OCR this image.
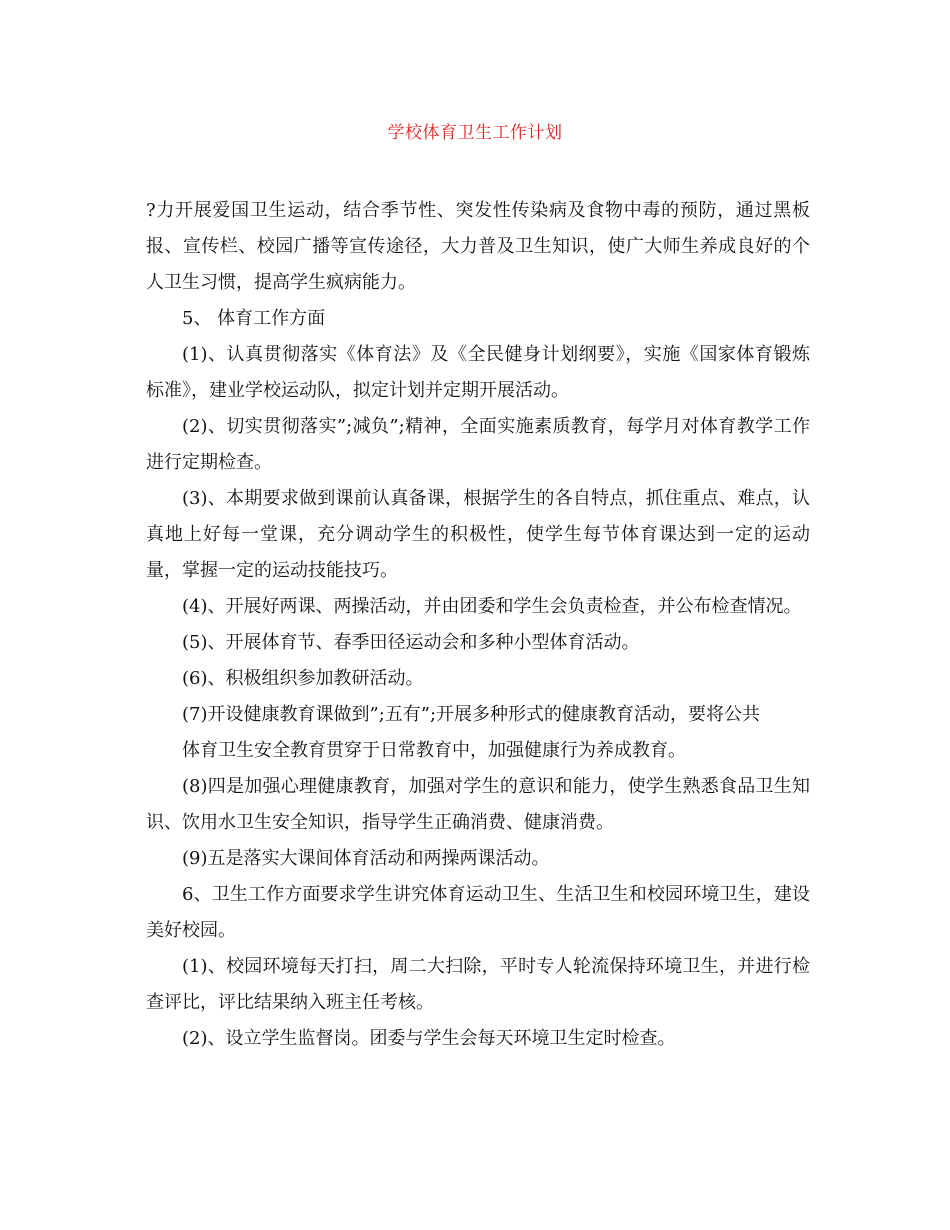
学校体育卫生工作计划

?力开展爱国卫生运动，结合季节性、突发性传染病及食物中毒的预防，通过黑板报、宣传栏、校园广播等宣传途径，大力普及卫生知识，使广大师生养成良好的个人卫生习惯，提高学生疯病能力。

5、 体育工作方面

(1)、认真贯彻落实《体育法》及《全民健身计划纲要》，实施《国家体育锻炼标准》，建业学校运动队，拟定计划并定期开展活动。

(2)、切实贯彻落实”;减负”;精神，全面实施素质教育，每学月对体育教学工作进行定期检查。

(3)、本期要求做到课前认真备课，根据学生的各自特点，抓住重点、难点，认真地上好每一堂课，充分调动学生的积极性，使学生每节体育课达到一定的运动量，掌握一定的运动技能技巧。

(4)、开展好两课、两操活动，并由团委和学生会负责检查，并公布检查情况。

(5)、开展体育节、春季田径运动会和多种小型体育活动。

(6)、积极组织参加教研活动。

(7)开设健康教育课做到”;五有”;开展多种形式的健康教育活动，要将公共

体育卫生安全教育贯穿于日常教育中，加强健康行为养成教育。

(8)四是加强心理健康教育，加强对学生的意识和能力，使学生熟悉食品卫生知识、饮用水卫生安全知识，指导学生正确消费、健康消费。

(9)五是落实大课间体育活动和两操两课活动。

6、卫生工作方面要求学生讲究体育运动卫生、生活卫生和校园环境卫生，建设美好校园。

(1)、校园环境每天打扫，周二大扫除，平时专人轮流保持环境卫生，并进行检查评比，评比结果纳入班主任考核。

(2)、设立学生监督岗。团委与学生会每天环境卫生定时检查。
